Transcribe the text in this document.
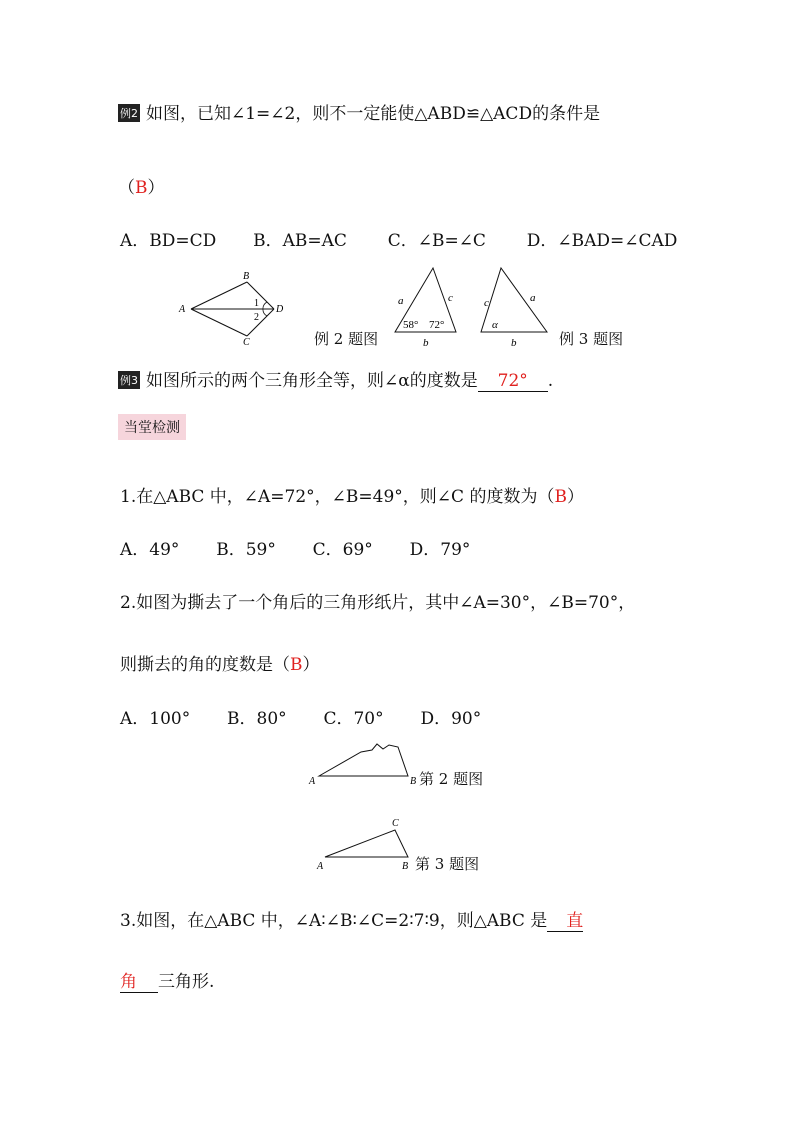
例2 如图，已知∠1=∠2，则不一定能使△ABD≌△ACD的条件是
（B）
A．BD=CD B．AB=AC C．∠B=∠C D．∠BAD=∠CAD
B
A	D
C
1
2
例 2 题图
a	c
b
58° 72°
c	a
b
α
例 3 题图
例3 如图所示的两个三角形全等，则∠α的度数是 72° .
当堂检测
1.在△ABC 中，∠A=72°，∠B=49°，则∠C 的度数为（B）
A．49° B．59° C．69° D．79°
2.如图为撕去了一个角后的三角形纸片，其中∠A=30°，∠B=70°，
则撕去的角的度数是（B）
A．100° B．80° C．70° D．90°
A	B 第 2 题图
C
A	B 第 3 题图
3.如图，在△ABC 中，∠A∶∠B∶∠C=2∶7∶9，则△ABC 是 直
角 三角形.
